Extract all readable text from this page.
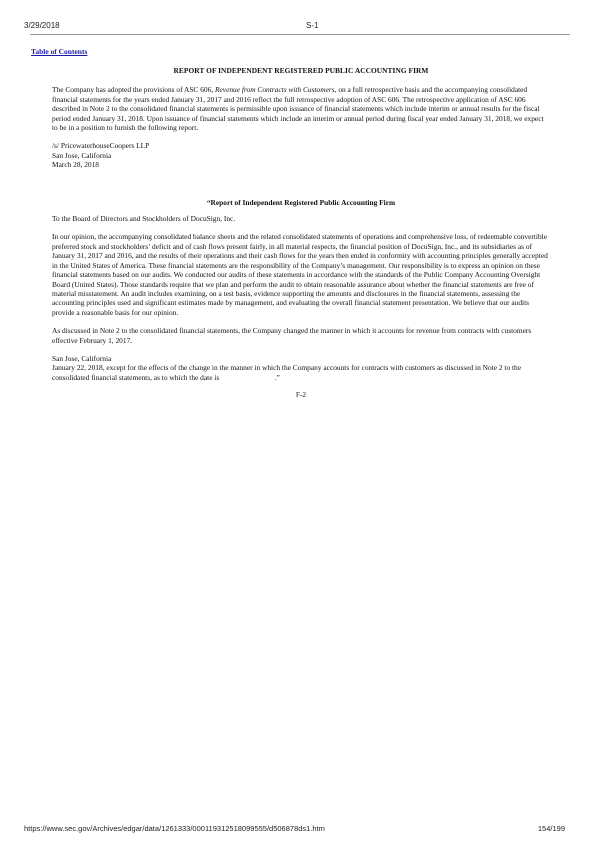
3/29/2018	S-1
Table of Contents
REPORT OF INDEPENDENT REGISTERED PUBLIC ACCOUNTING FIRM

The Company has adopted the provisions of ASC 606, Revenue from Contracts with Customers, on a full retrospective basis and the accompanying consolidated financial statements for the years ended January 31, 2017 and 2016 reflect the full retrospective adoption of ASC 606. The retrospective application of ASC 606 described in Note 2 to the consolidated financial statements is permissible upon issuance of financial statements which include interim or annual results for the fiscal period ended January 31, 2018. Upon issuance of financial statements which include an interim or annual period during fiscal year ended January 31, 2018, we expect to be in a position to furnish the following report.

/s/ PricewaterhouseCoopers LLP
San Jose, California
March 28, 2018
“Report of Independent Registered Public Accounting Firm

To the Board of Directors and Stockholders of DocuSign, Inc.

In our opinion, the accompanying consolidated balance sheets and the related consolidated statements of operations and comprehensive loss, of redeemable convertible preferred stock and stockholders’ deficit and of cash flows present fairly, in all material respects, the financial position of DocuSign, Inc., and its subsidiaries as of January 31, 2017 and 2016, and the results of their operations and their cash flows for the years then ended in conformity with accounting principles generally accepted in the United States of America. These financial statements are the responsibility of the Company’s management. Our responsibility is to express an opinion on these financial statements based on our audits. We conducted our audits of these statements in accordance with the standards of the Public Company Accounting Oversight Board (United States). Those standards require that we plan and perform the audit to obtain reasonable assurance about whether the financial statements are free of material misstatement. An audit includes examining, on a test basis, evidence supporting the amounts and disclosures in the financial statements, assessing the accounting principles used and significant estimates made by management, and evaluating the overall financial statement presentation. We believe that our audits provide a reasonable basis for our opinion.

As discussed in Note 2 to the consolidated financial statements, the Company changed the manner in which it accounts for revenue from contracts with customers effective February 1, 2017.

San Jose, California
January 22, 2018, except for the effects of the change in the manner in which the Company accounts for contracts with customers as discussed in Note 2 to the consolidated financial statements, as to which the date is                              .”
F-2
https://www.sec.gov/Archives/edgar/data/1261333/000119312518099555/d506878ds1.htm	154/199
